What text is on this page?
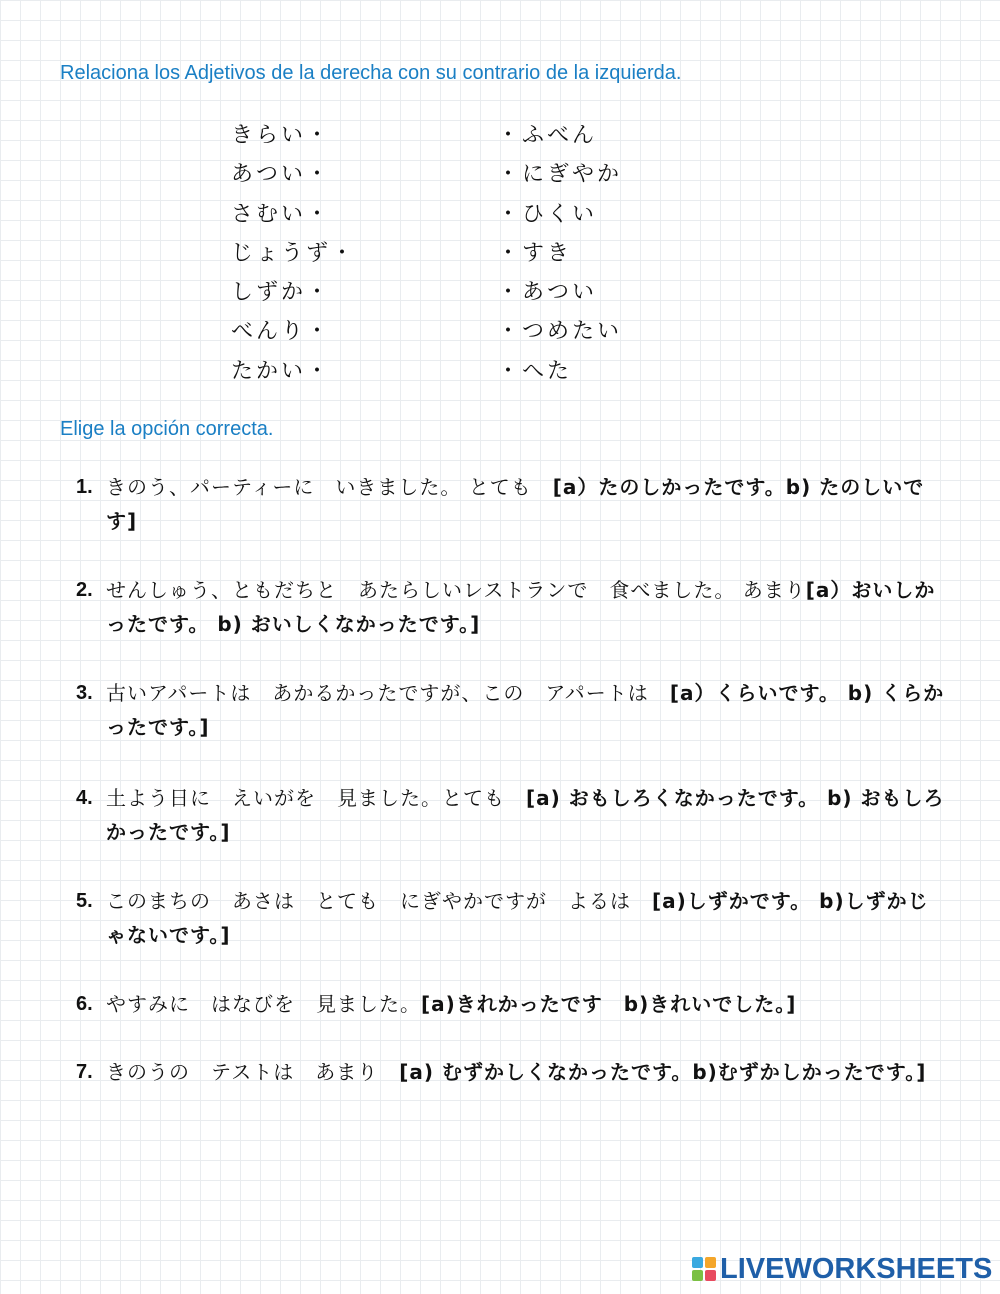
Relaciona los Adjetivos de la derecha con su contrario de la izquierda.
きらい・
あつい・
さむい・
じょうず・
しずか・
べんり・
たかい・
・ふべん
・にぎやか
・ひくい
・すき
・あつい
・つめたい
・へた
Elige la opción correcta.
1. きのう、パーティーに　いきました。 とても　[a）たのしかったです。b) たのしいです]
2. せんしゅう、ともだちと　あたらしいレストランで　食べました。 あまり[a）おいしかったです。 b) おいしくなかったです。]
3. 古いアパートは　あかるかったですが、この　アパートは　[a）くらいです。 b) くらかったです。]
4. 土よう日に　えいがを　見ました。とても　[a) おもしろくなかったです。 b) おもしろかったです。]
5. このまちの　あさは　とても　にぎやかですが　よるは　[a)しずかです。 b)しずかじゃないです。]
6. やすみに　はなびを　見ました。[a)きれかったです　b)きれいでした。]
7. きのうの　テストは　あまり　[a) むずかしくなかったです。b)むずかしかったです。]
LIVEWORKSHEETS
